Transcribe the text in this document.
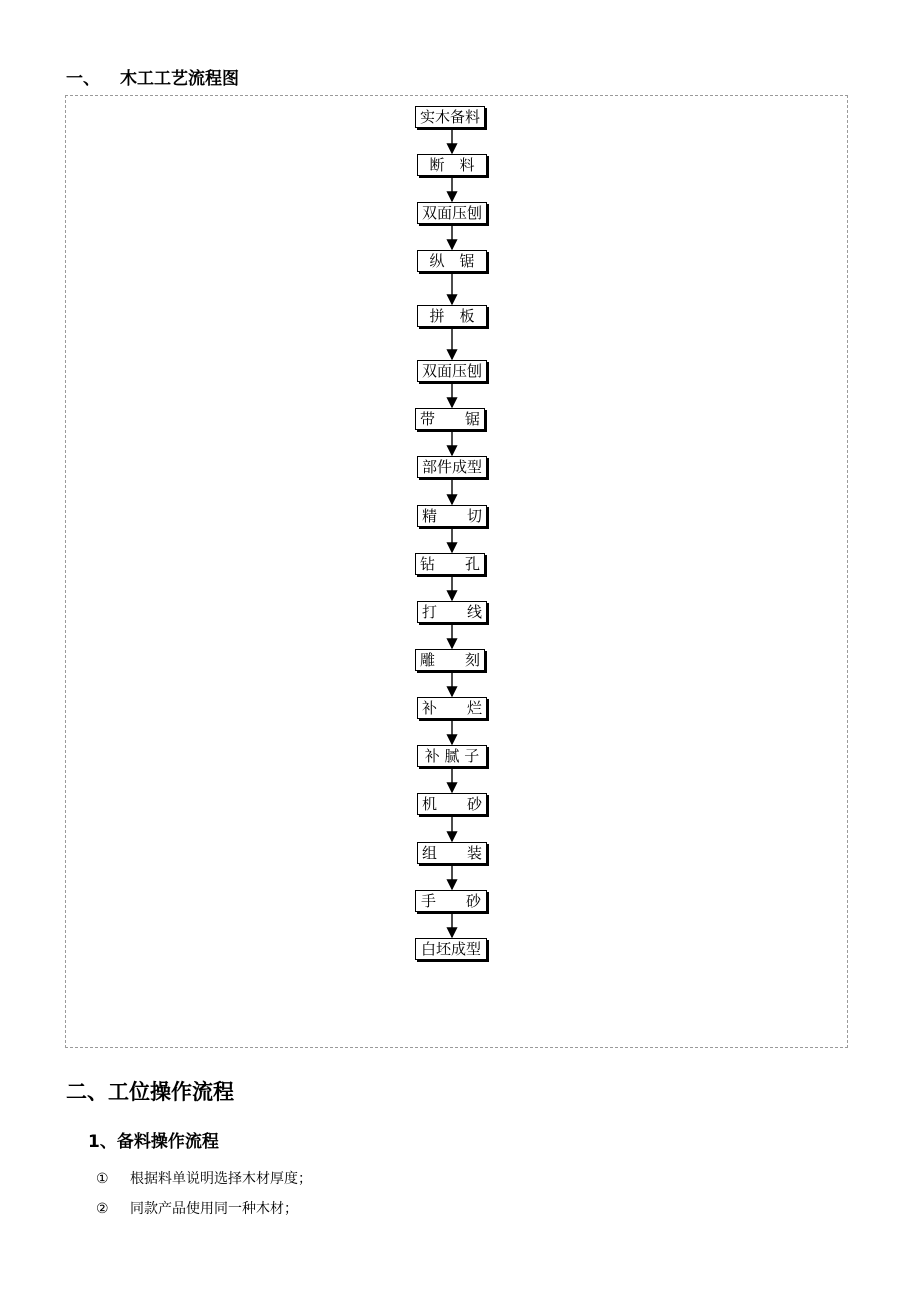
一、 木工工艺流程图
实木备料
断　料
双面压刨
纵　锯
拼　板
双面压刨
带　　锯
部件成型
精　　切
钻　　孔
打　　线
雕　　刻
补　　烂
补 腻 子
机　　砂
组　　装
手　　砂
白坯成型
二、工位操作流程
1、备料操作流程
① 根据料单说明选择木材厚度；
② 同款产品使用同一种木材；
